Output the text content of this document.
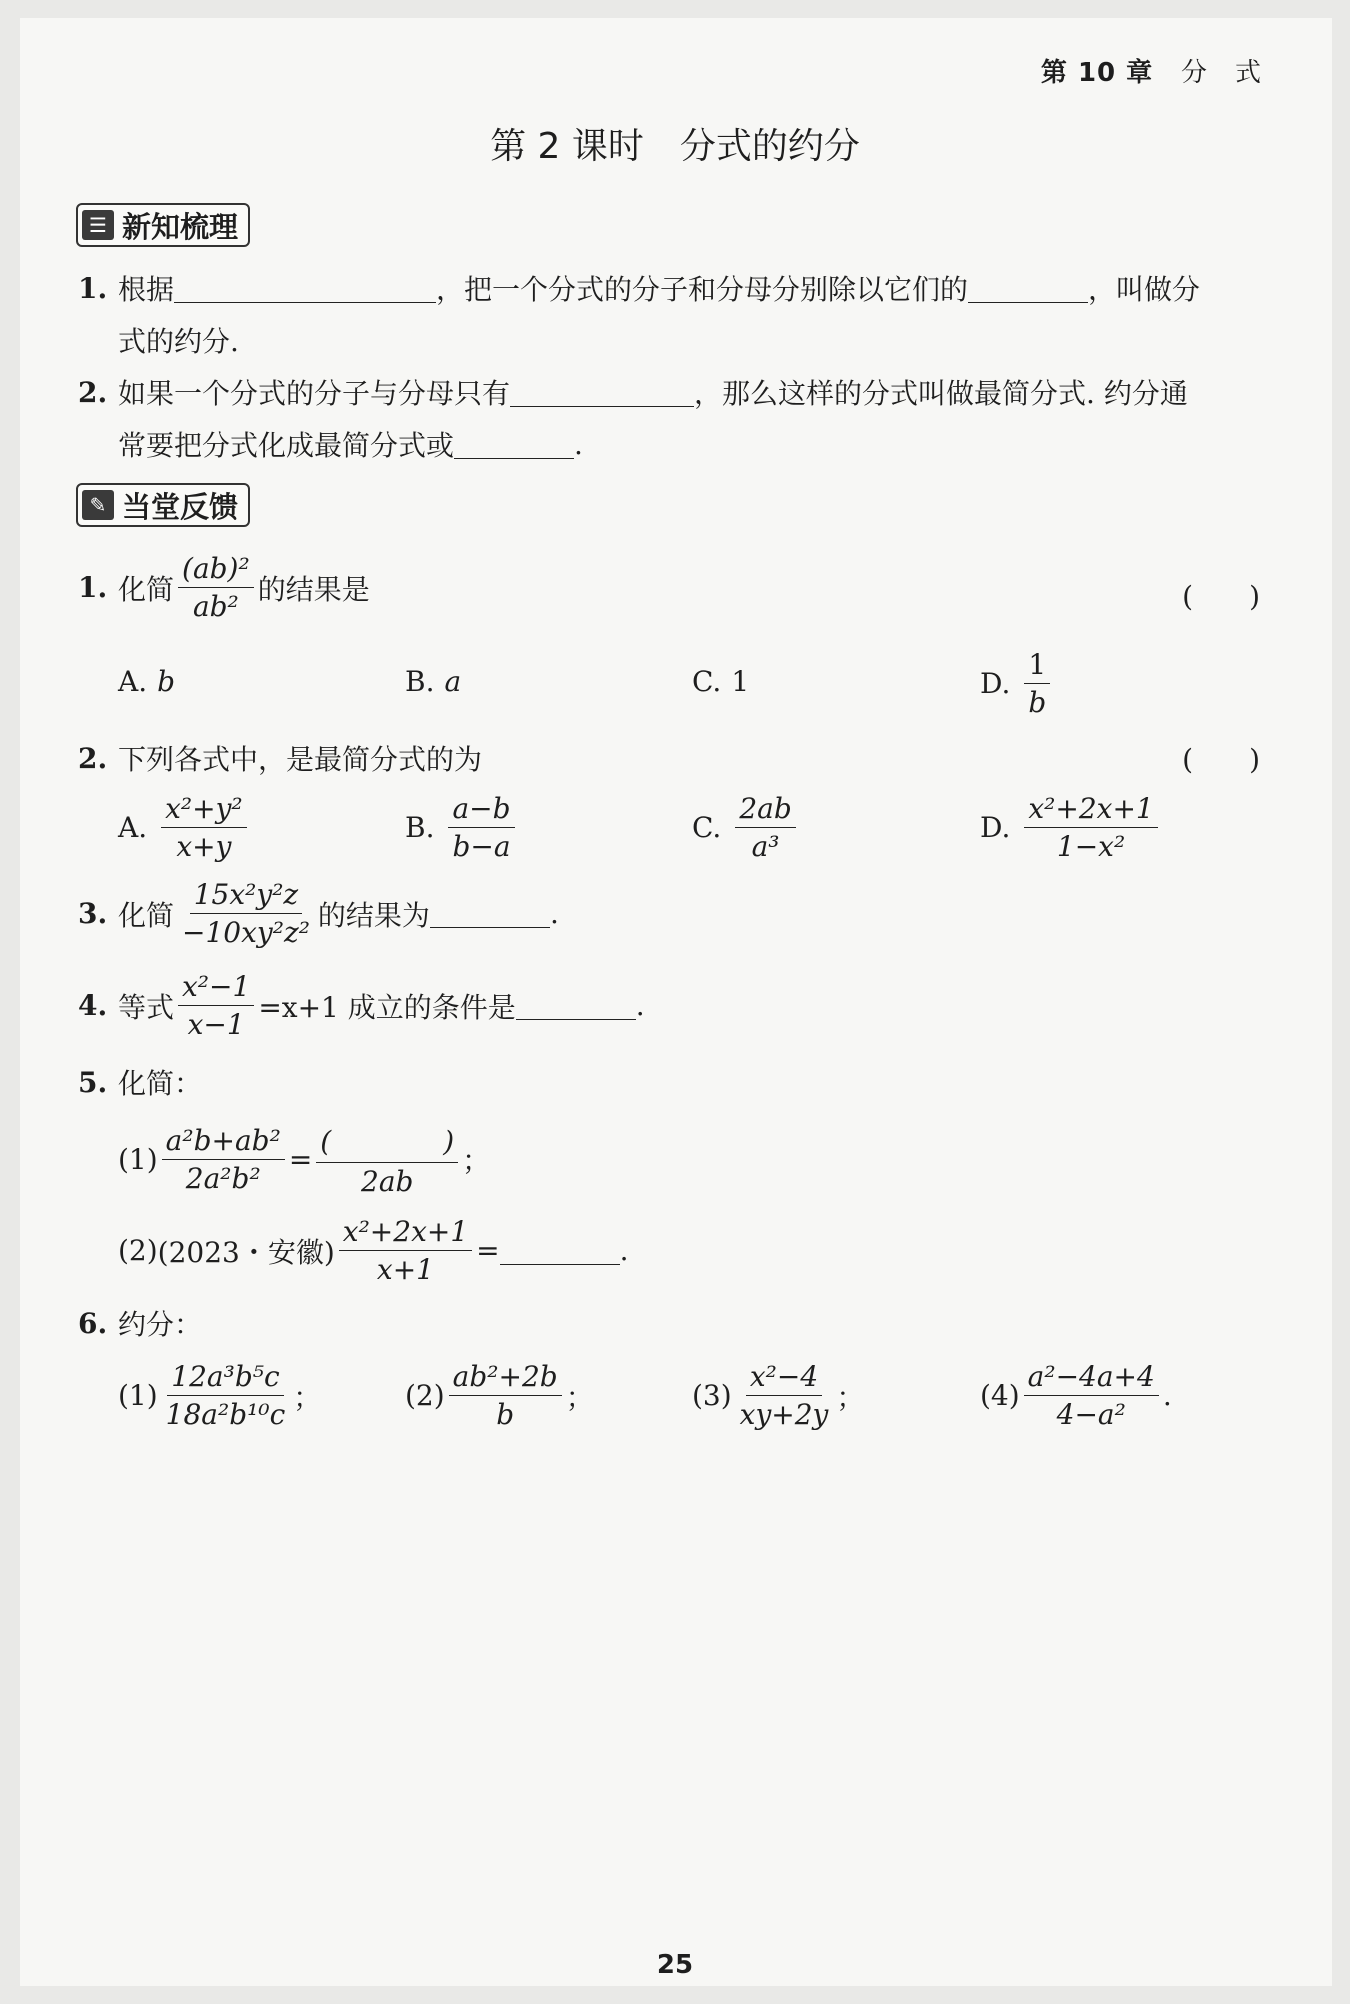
第 10 章 分　式
第 2 课时　分式的约分
☰ 新知梳理
1. 根据	，把一个分式的分子和分母分别除以它们的	，叫做分
式的约分.
2. 如果一个分式的分子与分母只有	，那么这样的分式叫做最简分式. 约分通
常要把分式化成最简分式或	.
✎ 当堂反馈
1. 化简 $\frac{\text{(ab)²}}{\text{ab²}}$ 的结果是	(　　)
A. b	B. a	C. 1	D. $\frac{1}{b}$
2. 下列各式中，是最简分式的为	(　　)
A. $\frac{\text{x²+y²}}{x+y}$	B. $\frac{a-b}{b-a}$	C. $\frac{2ab}{\text{a³}}$	D. $\frac{\text{x²+2x+1}}{\text{1−x²}}$
3. 化简 $\frac{\text{15x²y²z}}{\text{−10xy²z²}}$ 的结果为	.
4. 等式 $\frac{\text{x²−1}}{x-1} =x+1$ 成立的条件是	.
5. 化简：
$(1) \frac{\text{a²b+ab²}}{\text{2a²b²}} = \frac{( )}{2ab}$ ；
(2) (2023・安徽) $\frac{\text{x²+2x+1}}{x+1}$ =	.
6. 约分：
$(1) \frac{\text{12a³b⁵c}}{\text{18a²b¹⁰c}}$ ；	$(2) \frac{\text{ab²+2b}}{b}$ ；	$(3) \frac{\text{x²−4}}{xy+2y}$ ；	$(4) \frac{\text{a²−4a+4}}{\text{4−a²}}$ .
25
